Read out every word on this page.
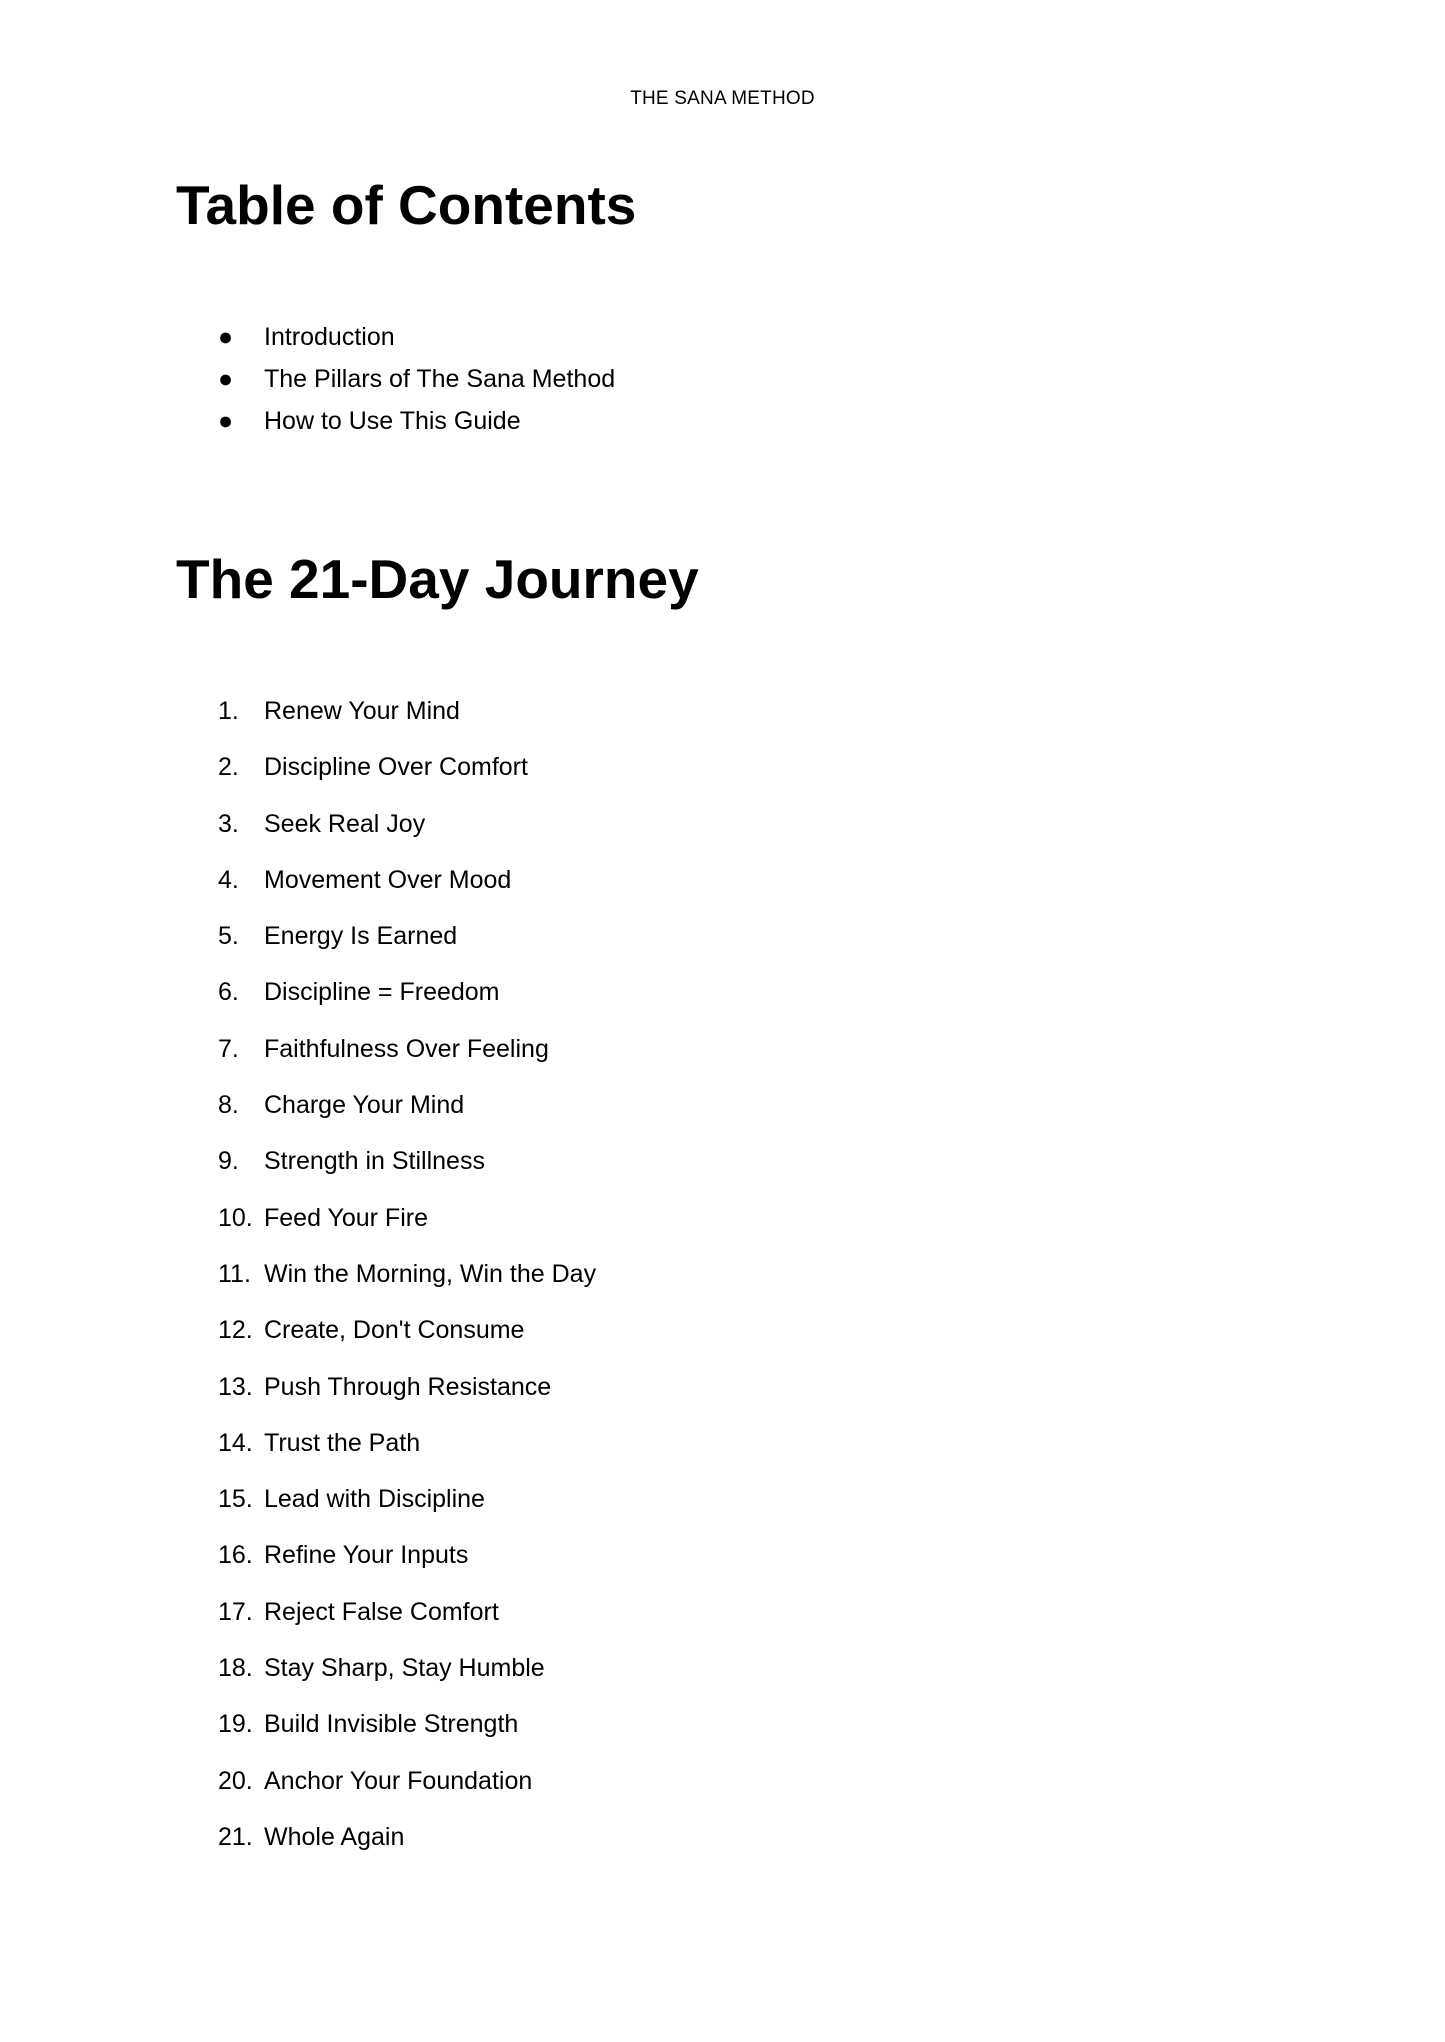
THE SANA METHOD
Table of Contents
● Introduction
● The Pillars of The Sana Method
● How to Use This Guide
The 21-Day Journey
1. Renew Your Mind
2. Discipline Over Comfort
3. Seek Real Joy
4. Movement Over Mood
5. Energy Is Earned
6. Discipline = Freedom
7. Faithfulness Over Feeling
8. Charge Your Mind
9. Strength in Stillness
10. Feed Your Fire
11. Win the Morning, Win the Day
12. Create, Don't Consume
13. Push Through Resistance
14. Trust the Path
15. Lead with Discipline
16. Refine Your Inputs
17. Reject False Comfort
18. Stay Sharp, Stay Humble
19. Build Invisible Strength
20. Anchor Your Foundation
21. Whole Again
